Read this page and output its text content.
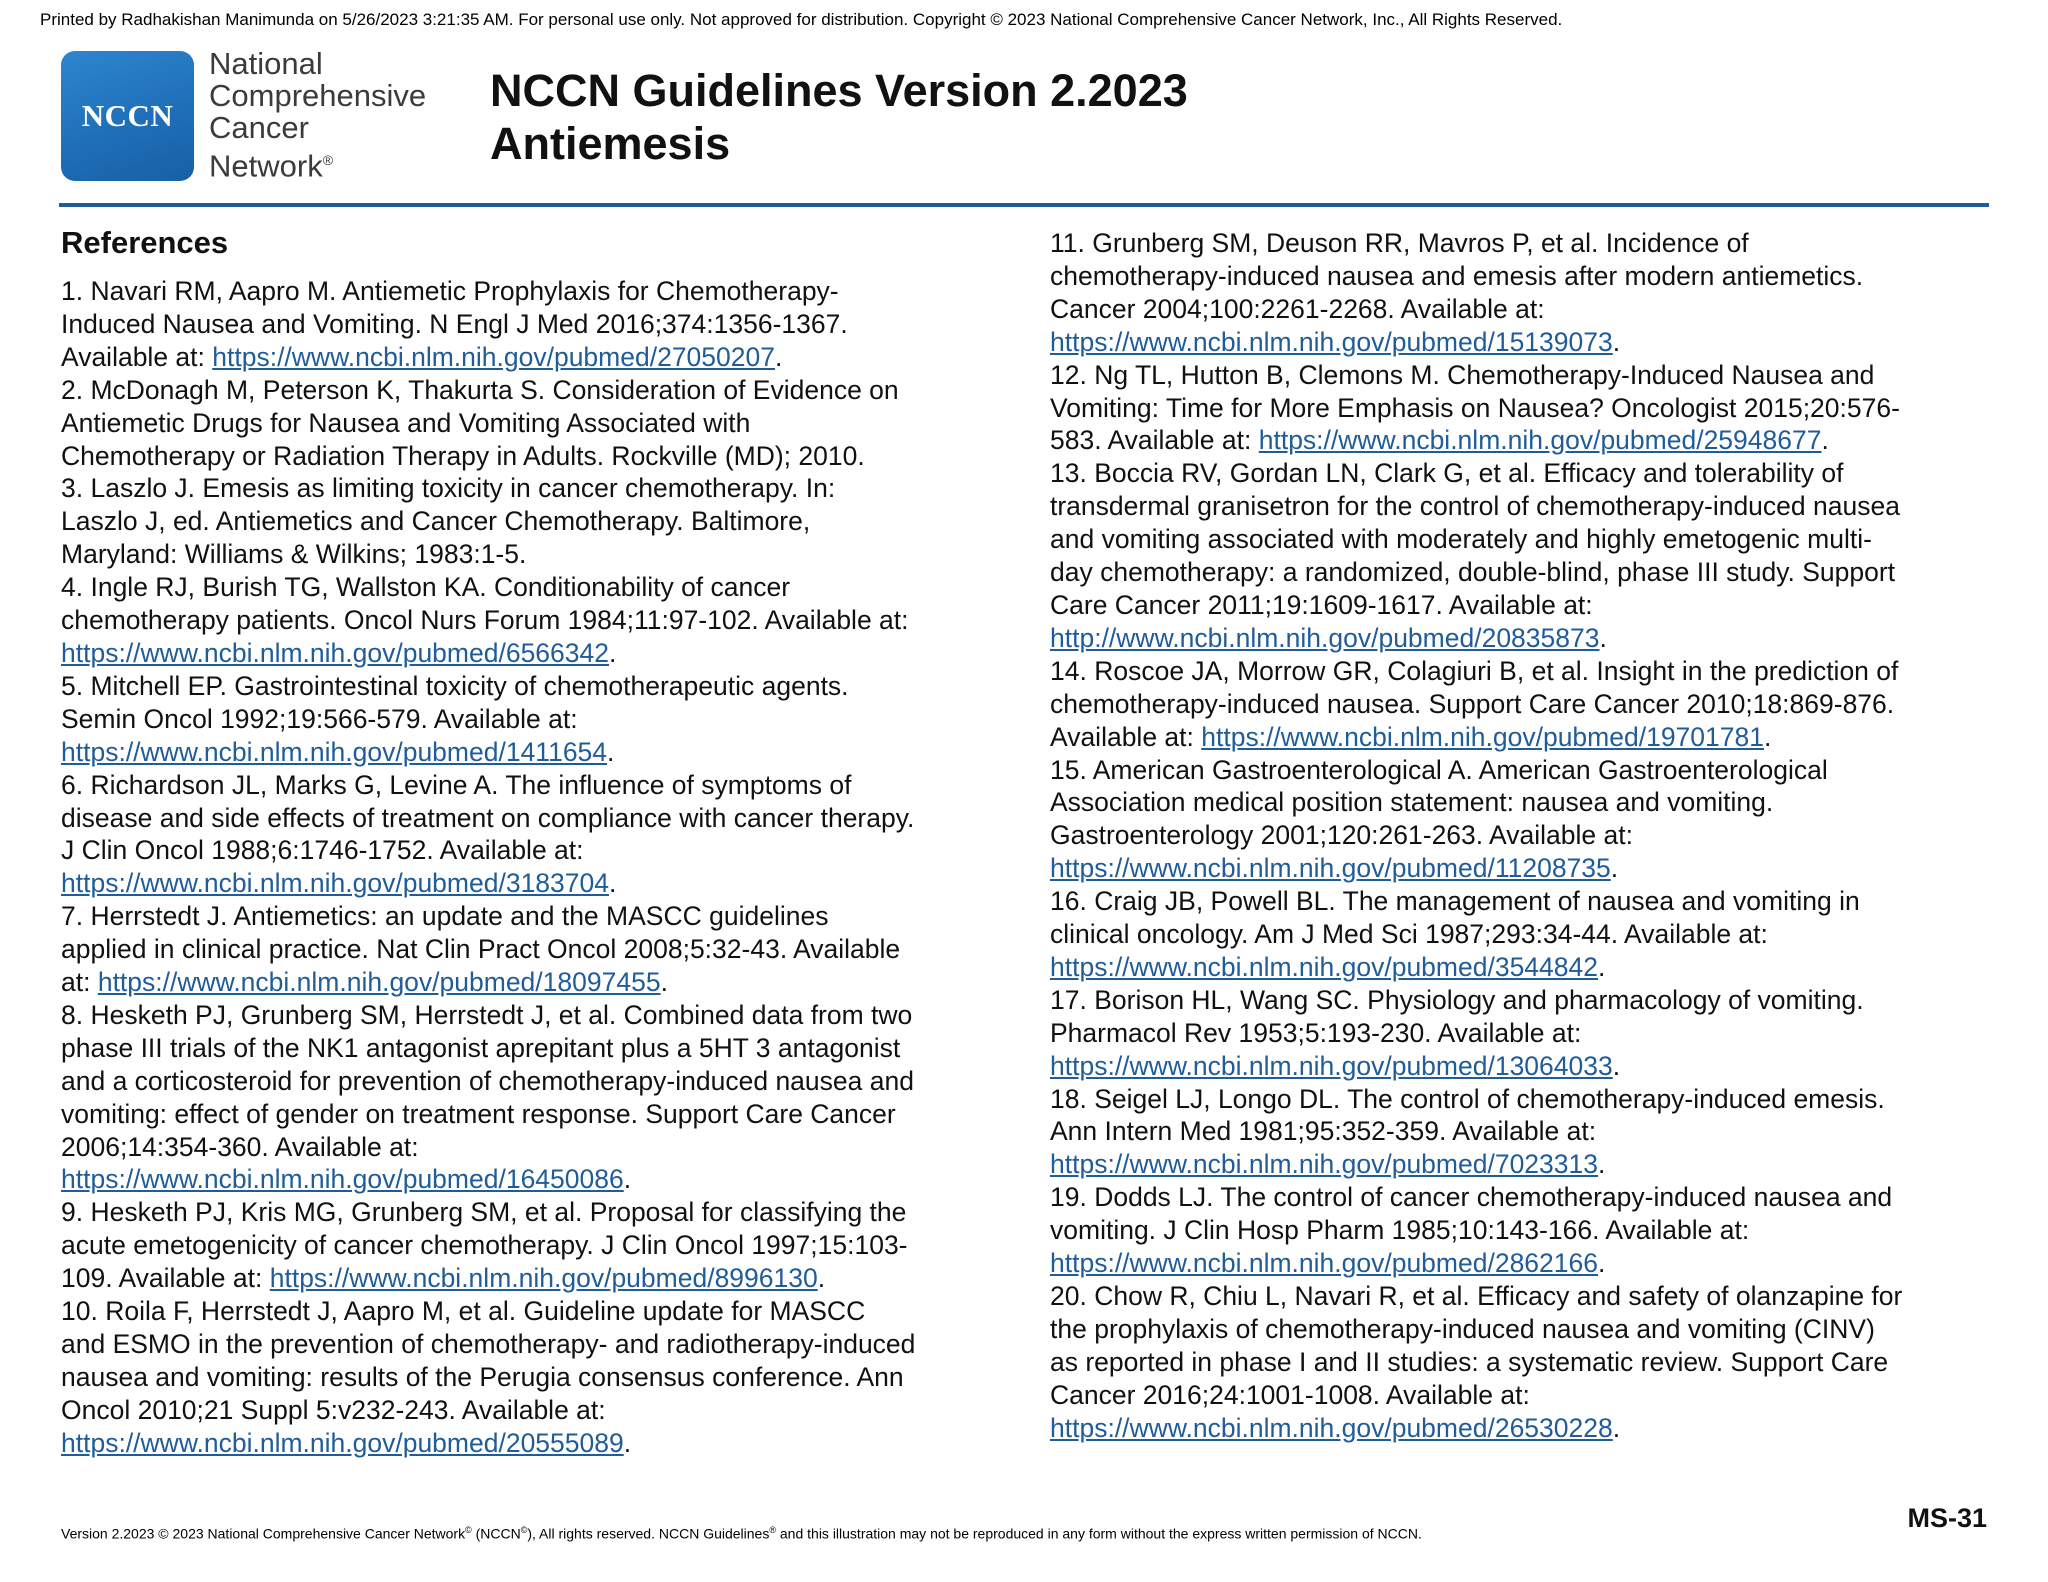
Printed by Radhakishan Manimunda on 5/26/2023 3:21:35 AM. For personal use only. Not approved for distribution. Copyright © 2023 National Comprehensive Cancer Network, Inc., All Rights Reserved.
NCCN
National
Comprehensive
Cancer
Network®
NCCN Guidelines Version 2.2023
Antiemesis
References
1. Navari RM, Aapro M. Antiemetic Prophylaxis for Chemotherapy-
Induced Nausea and Vomiting. N Engl J Med 2016;374:1356-1367.
Available at: https://www.ncbi.nlm.nih.gov/pubmed/27050207.
2. McDonagh M, Peterson K, Thakurta S. Consideration of Evidence on
Antiemetic Drugs for Nausea and Vomiting Associated with
Chemotherapy or Radiation Therapy in Adults. Rockville (MD); 2010.
3. Laszlo J. Emesis as limiting toxicity in cancer chemotherapy. In:
Laszlo J, ed. Antiemetics and Cancer Chemotherapy. Baltimore,
Maryland: Williams & Wilkins; 1983:1-5.
4. Ingle RJ, Burish TG, Wallston KA. Conditionability of cancer
chemotherapy patients. Oncol Nurs Forum 1984;11:97-102. Available at:
https://www.ncbi.nlm.nih.gov/pubmed/6566342.
5. Mitchell EP. Gastrointestinal toxicity of chemotherapeutic agents.
Semin Oncol 1992;19:566-579. Available at:
https://www.ncbi.nlm.nih.gov/pubmed/1411654.
6. Richardson JL, Marks G, Levine A. The influence of symptoms of
disease and side effects of treatment on compliance with cancer therapy.
J Clin Oncol 1988;6:1746-1752. Available at:
https://www.ncbi.nlm.nih.gov/pubmed/3183704.
7. Herrstedt J. Antiemetics: an update and the MASCC guidelines
applied in clinical practice. Nat Clin Pract Oncol 2008;5:32-43. Available
at: https://www.ncbi.nlm.nih.gov/pubmed/18097455.
8. Hesketh PJ, Grunberg SM, Herrstedt J, et al. Combined data from two
phase III trials of the NK1 antagonist aprepitant plus a 5HT 3 antagonist
and a corticosteroid for prevention of chemotherapy-induced nausea and
vomiting: effect of gender on treatment response. Support Care Cancer
2006;14:354-360. Available at:
https://www.ncbi.nlm.nih.gov/pubmed/16450086.
9. Hesketh PJ, Kris MG, Grunberg SM, et al. Proposal for classifying the
acute emetogenicity of cancer chemotherapy. J Clin Oncol 1997;15:103-
109. Available at: https://www.ncbi.nlm.nih.gov/pubmed/8996130.
10. Roila F, Herrstedt J, Aapro M, et al. Guideline update for MASCC
and ESMO in the prevention of chemotherapy- and radiotherapy-induced
nausea and vomiting: results of the Perugia consensus conference. Ann
Oncol 2010;21 Suppl 5:v232-243. Available at:
https://www.ncbi.nlm.nih.gov/pubmed/20555089.
11. Grunberg SM, Deuson RR, Mavros P, et al. Incidence of
chemotherapy-induced nausea and emesis after modern antiemetics.
Cancer 2004;100:2261-2268. Available at:
https://www.ncbi.nlm.nih.gov/pubmed/15139073.
12. Ng TL, Hutton B, Clemons M. Chemotherapy-Induced Nausea and
Vomiting: Time for More Emphasis on Nausea? Oncologist 2015;20:576-
583. Available at: https://www.ncbi.nlm.nih.gov/pubmed/25948677.
13. Boccia RV, Gordan LN, Clark G, et al. Efficacy and tolerability of
transdermal granisetron for the control of chemotherapy-induced nausea
and vomiting associated with moderately and highly emetogenic multi-
day chemotherapy: a randomized, double-blind, phase III study. Support
Care Cancer 2011;19:1609-1617. Available at:
http://www.ncbi.nlm.nih.gov/pubmed/20835873.
14. Roscoe JA, Morrow GR, Colagiuri B, et al. Insight in the prediction of
chemotherapy-induced nausea. Support Care Cancer 2010;18:869-876.
Available at: https://www.ncbi.nlm.nih.gov/pubmed/19701781.
15. American Gastroenterological A. American Gastroenterological
Association medical position statement: nausea and vomiting.
Gastroenterology 2001;120:261-263. Available at:
https://www.ncbi.nlm.nih.gov/pubmed/11208735.
16. Craig JB, Powell BL. The management of nausea and vomiting in
clinical oncology. Am J Med Sci 1987;293:34-44. Available at:
https://www.ncbi.nlm.nih.gov/pubmed/3544842.
17. Borison HL, Wang SC. Physiology and pharmacology of vomiting.
Pharmacol Rev 1953;5:193-230. Available at:
https://www.ncbi.nlm.nih.gov/pubmed/13064033.
18. Seigel LJ, Longo DL. The control of chemotherapy-induced emesis.
Ann Intern Med 1981;95:352-359. Available at:
https://www.ncbi.nlm.nih.gov/pubmed/7023313.
19. Dodds LJ. The control of cancer chemotherapy-induced nausea and
vomiting. J Clin Hosp Pharm 1985;10:143-166. Available at:
https://www.ncbi.nlm.nih.gov/pubmed/2862166.
20. Chow R, Chiu L, Navari R, et al. Efficacy and safety of olanzapine for
the prophylaxis of chemotherapy-induced nausea and vomiting (CINV)
as reported in phase I and II studies: a systematic review. Support Care
Cancer 2016;24:1001-1008. Available at:
https://www.ncbi.nlm.nih.gov/pubmed/26530228.
Version 2.2023 © 2023 National Comprehensive Cancer Network© (NCCN©), All rights reserved. NCCN Guidelines® and this illustration may not be reproduced in any form without the express written permission of NCCN.
MS-31
